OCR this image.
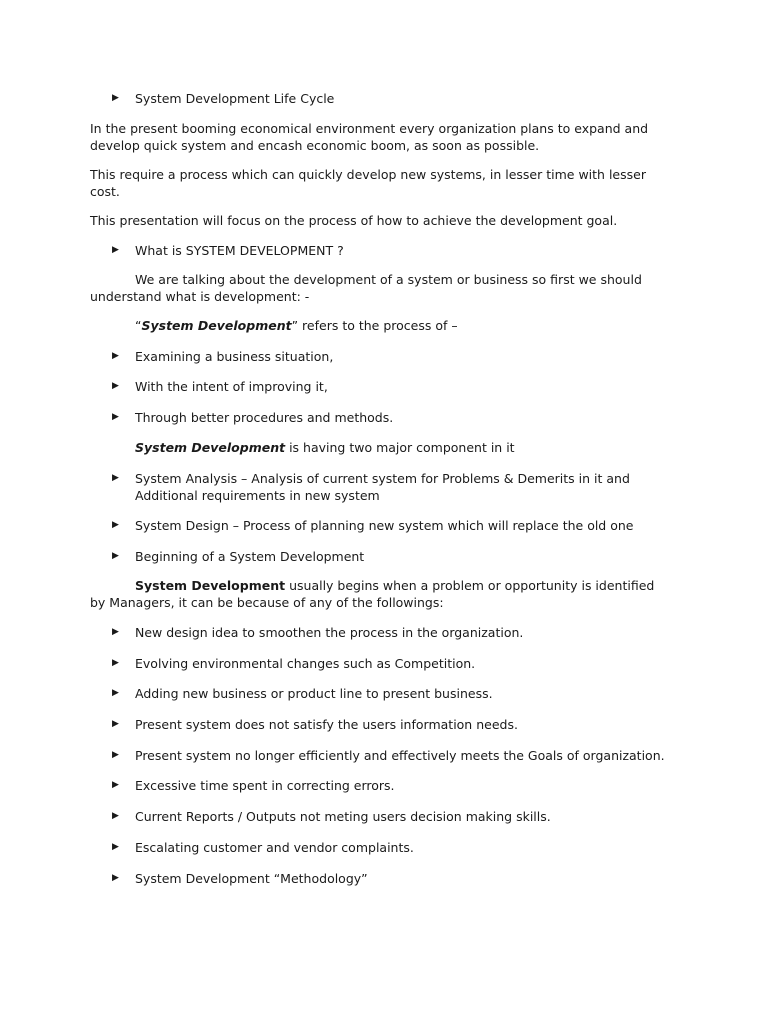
▶ System Development Life Cycle

In the present booming economical environment every organization plans to expand and develop quick system and encash economic boom, as soon as possible.

This require a process which can quickly develop new systems, in lesser time with lesser cost.

This presentation will focus on the process of how to achieve the development goal.

▶ What is SYSTEM DEVELOPMENT ?

We are talking about the development of a system or business so first we should understand what is development: -

“System Development” refers to the process of –
▶ Examining a business situation,
▶ With the intent of improving it,
▶ Through better procedures and methods.
System Development is having two major component in it
▶ System Analysis – Analysis of current system for Problems & Demerits in it and Additional requirements in new system
▶ System Design – Process of planning new system which will replace the old one
▶ Beginning of a System Development
System Development usually begins when a problem or opportunity is identified by Managers, it can be because of any of the followings:
▶ New design idea to smoothen the process in the organization.
▶ Evolving environmental changes such as Competition.
▶ Adding new business or product line to present business.
▶ Present system does not satisfy the users information needs.
▶ Present system no longer efficiently and effectively meets the Goals of organization.
▶ Excessive time spent in correcting errors.
▶ Current Reports / Outputs not meting users decision making skills.
▶ Escalating customer and vendor complaints.
▶ System Development “Methodology”
